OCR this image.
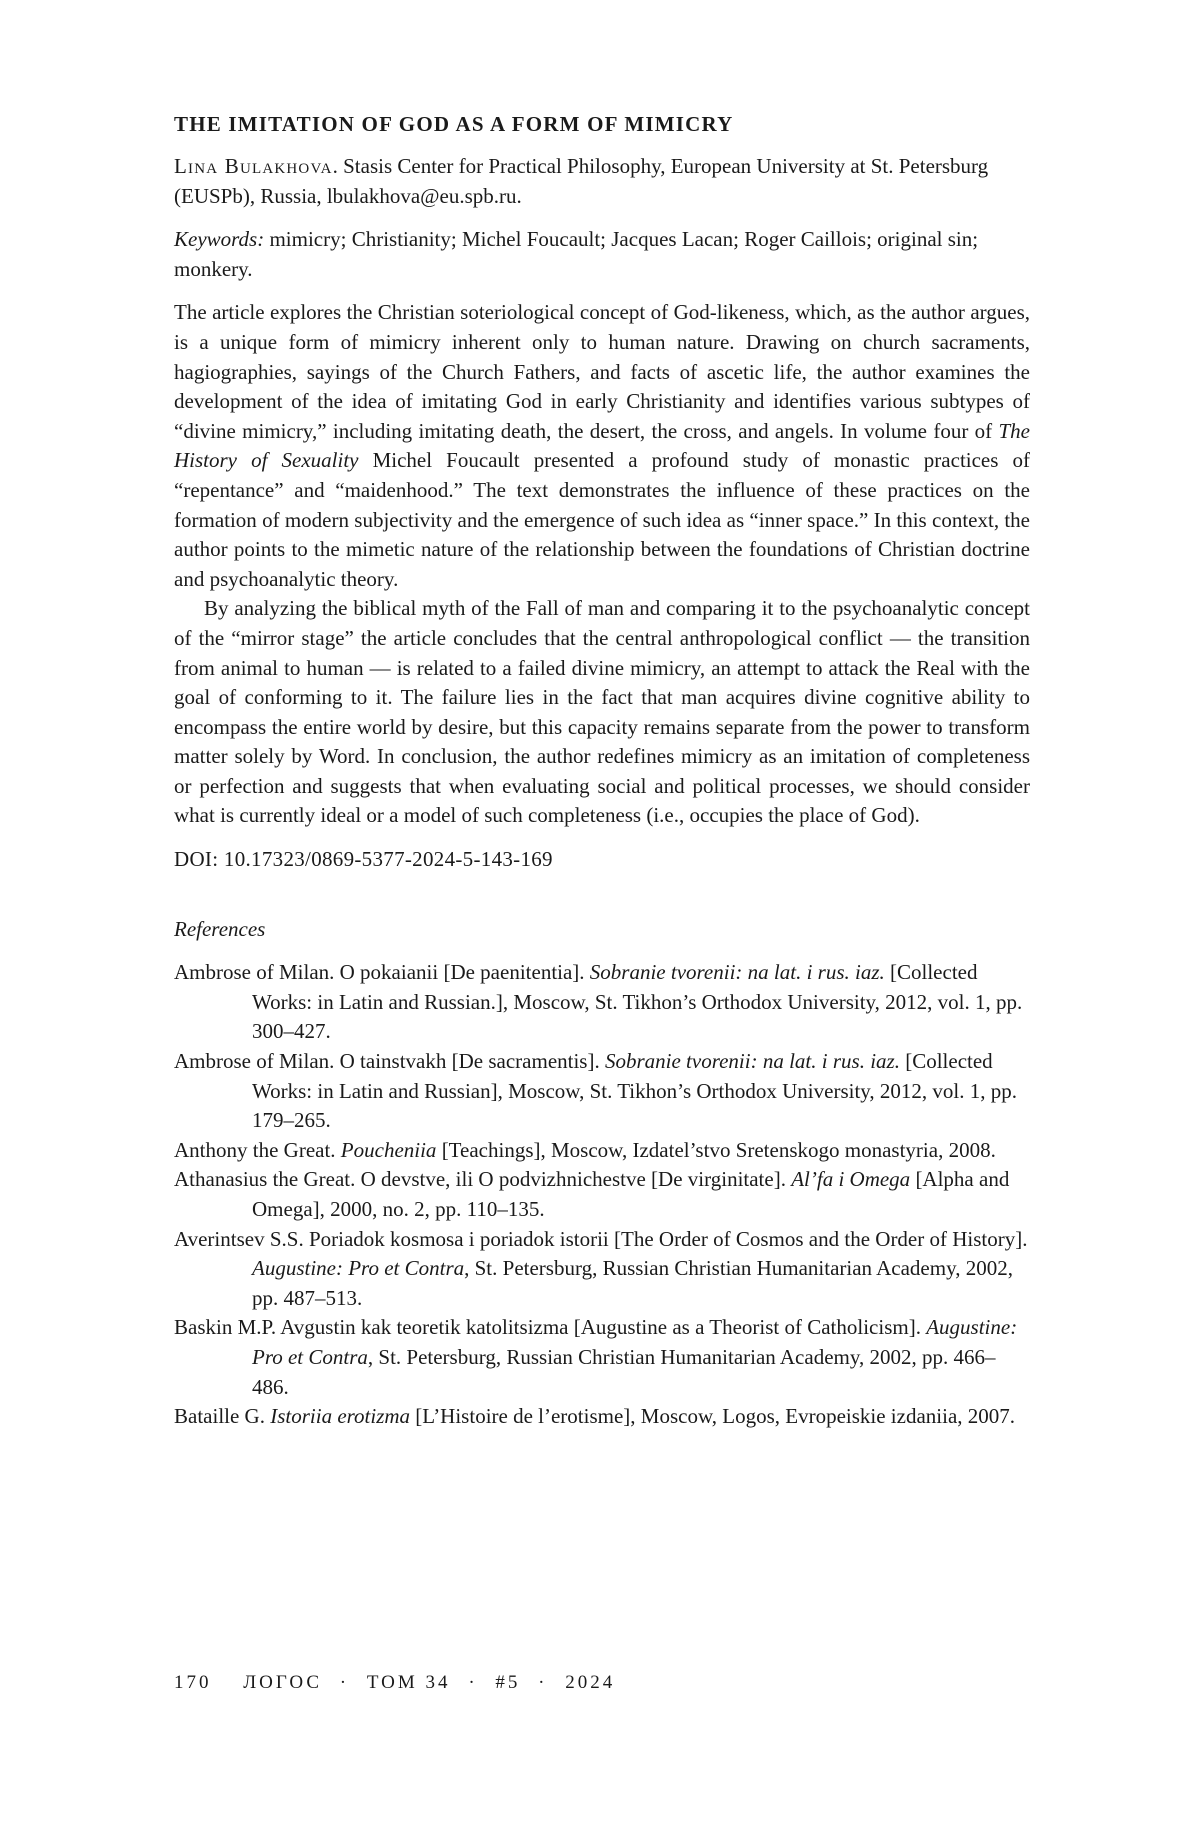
THE IMITATION OF GOD AS A FORM OF MIMICRY

Lina Bulakhova. Stasis Center for Practical Philosophy, European University at St. Petersburg (EUSPb), Russia, lbulakhova@eu.spb.ru.

Keywords: mimicry; Christianity; Michel Foucault; Jacques Lacan; Roger Caillois; original sin; monkery.

The article explores the Christian soteriological concept of God-likeness, which, as the author argues, is a unique form of mimicry inherent only to human nature. Drawing on church sacraments, hagiographies, sayings of the Church Fathers, and facts of ascetic life, the author examines the development of the idea of imitating God in early Christianity and identifies various subtypes of “divine mimicry,” including imitating death, the desert, the cross, and angels. In volume four of The History of Sexuality Michel Foucault presented a profound study of monastic practices of “repentance” and “maidenhood.” The text demonstrates the influence of these practices on the formation of modern subjectivity and the emergence of such idea as “inner space.” In this context, the author points to the mimetic nature of the relationship between the foundations of Christian doctrine and psychoanalytic theory.

By analyzing the biblical myth of the Fall of man and comparing it to the psychoanalytic concept of the “mirror stage” the article concludes that the central anthropological conflict — the transition from animal to human — is related to a failed divine mimicry, an attempt to attack the Real with the goal of conforming to it. The failure lies in the fact that man acquires divine cognitive ability to encompass the entire world by desire, but this capacity remains separate from the power to transform matter solely by Word. In conclusion, the author redefines mimicry as an imitation of completeness or perfection and suggests that when evaluating social and political processes, we should consider what is currently ideal or a model of such completeness (i.e., occupies the place of God).

DOI: 10.17323/0869-5377-2024-5-143-169

References

Ambrose of Milan. O pokaianii [De paenitentia]. Sobranie tvorenii: na lat. i rus. iaz. [Collected Works: in Latin and Russian.], Moscow, St. Tikhon’s Orthodox University, 2012, vol. 1, pp. 300–427.
Ambrose of Milan. O tainstvakh [De sacramentis]. Sobranie tvorenii: na lat. i rus. iaz. [Collected Works: in Latin and Russian], Moscow, St. Tikhon’s Orthodox University, 2012, vol. 1, pp. 179–265.
Anthony the Great. Poucheniia [Teachings], Moscow, Izdatel’stvo Sretenskogo monastyria, 2008.
Athanasius the Great. O devstve, ili O podvizhnichestve [De virginitate]. Al’fa i Omega [Alpha and Omega], 2000, no. 2, pp. 110–135.
Averintsev S.S. Poriadok kosmosa i poriadok istorii [The Order of Cosmos and the Order of History]. Augustine: Pro et Contra, St. Petersburg, Russian Christian Humanitarian Academy, 2002, pp. 487–513.
Baskin M.P. Avgustin kak teoretik katolitsizma [Augustine as a Theorist of Catholicism]. Augustine: Pro et Contra, St. Petersburg, Russian Christian Humanitarian Academy, 2002, pp. 466–486.
Bataille G. Istoriia erotizma [L’Histoire de l’erotisme], Moscow, Logos, Evropeiskie izdaniia, 2007.
170 ЛОГОС · ТОМ 34 · #5 · 2024
